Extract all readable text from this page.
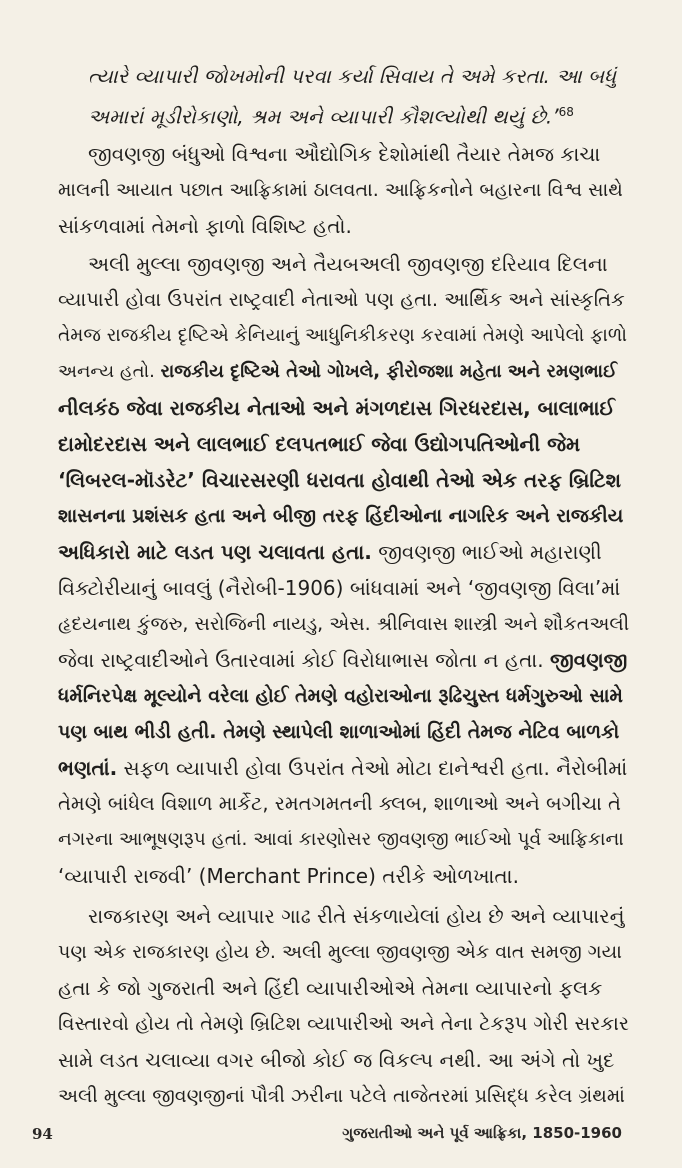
ત્યારે વ્યાપારી જોખમોની પરવા કર્યા સિવાય તે અમે કરતા. આ બધું
અમારાં મૂડીરોકાણો, શ્રમ અને વ્યાપારી કૌશલ્યોથી થયું છે.’$^{68}$
જીવણજી બંધુઓ વિશ્વના ઔદ્યોગિક દેશોમાંથી તૈયાર તેમજ કાચા
માલની આયાત પછાત આફ્રિકામાં ઠાલવતા. આફ્રિકનોને બહારના વિશ્વ સાથે
સાંકળવામાં તેમનો ફાળો વિશિષ્ટ હતો.
અલી મુલ્લા જીવણજી અને તૈયબઅલી જીવણજી દરિયાવ દિલના
વ્યાપારી હોવા ઉપરાંત રાષ્ટ્રવાદી નેતાઓ પણ હતા. આર્થિક અને સાંસ્કૃતિક
તેમજ રાજકીય દૃષ્ટિએ કેનિયાનું આધુનિકીકરણ કરવામાં તેમણે આપેલો ફાળો
અનન્ય હતો. રાજકીય દૃષ્ટિએ તેઓ ગોખલે, ફીરોજશા મહેતા અને રમણભાઈ
નીલકંઠ જેવા રાજકીય નેતાઓ અને મંગળદાસ ગિરધરદાસ, બાલાભાઈ
દામોદરદાસ અને લાલભાઈ દલપતભાઈ જેવા ઉદ્યોગપતિઓની જેમ
‘લિબરલ-મૉડરેટ’ વિચારસરણી ધરાવતા હોવાથી તેઓ એક તરફ બ્રિટિશ
શાસનના પ્રશંસક હતા અને બીજી તરફ હિંદીઓના નાગરિક અને રાજકીય
અધિકારો માટે લડત પણ ચલાવતા હતા. જીવણજી ભાઈઓ મહારાણી
વિક્ટોરીયાનું બાવલું (નૈરોબી-1906) બાંધવામાં અને ‘જીવણજી વિલા’માં
હૃદયનાથ કુંજરુ, સરોજિની નાયડુ, એસ. શ્રીનિવાસ શાસ્ત્રી અને શૌકતઅલી
જેવા રાષ્ટ્રવાદીઓને ઉતારવામાં કોઈ વિરોધાભાસ જોતા ન હતા. જીવણજી
ધર્મનિરપેક્ષ મૂલ્યોને વરેલા હોઈ તેમણે વહોરાઓના રૂઢિચુસ્ત ધર્મગુરુઓ સામે
પણ બાથ ભીડી હતી. તેમણે સ્થાપેલી શાળાઓમાં હિંદી તેમજ નેટિવ બાળકો
ભણતાં. સફળ વ્યાપારી હોવા ઉપરાંત તેઓ મોટા દાનેશ્વરી હતા. નૈરોબીમાં
તેમણે બાંધેલ વિશાળ માર્કેટ, રમતગમતની ક્લબ, શાળાઓ અને બગીચા તે
નગરના આભૂષણરૂપ હતાં. આવાં કારણોસર જીવણજી ભાઈઓ પૂર્વ આફ્રિકાના
‘વ્યાપારી રાજવી’ (Merchant Prince) તરીકે ઓળખાતા.
રાજકારણ અને વ્યાપાર ગાઢ રીતે સંકળાયેલાં હોય છે અને વ્યાપારનું
પણ એક રાજકારણ હોય છે. અલી મુલ્લા જીવણજી એક વાત સમજી ગયા
હતા કે જો ગુજરાતી અને હિંદી વ્યાપારીઓએ તેમના વ્યાપારનો ફલક
વિસ્તારવો હોય તો તેમણે બ્રિટિશ વ્યાપારીઓ અને તેના ટેકરૂપ ગોરી સરકાર
સામે લડત ચલાવ્યા વગર બીજો કોઈ જ વિકલ્પ નથી. આ અંગે તો ખુદ
અલી મુલ્લા જીવણજીનાં પૌત્રી ઝરીના પટેલે તાજેતરમાં પ્રસિદ્ધ કરેલ ગ્રંથમાં
94	ગુજરાતીઓ અને પૂર્વ આફ્રિકા, 1850-1960
